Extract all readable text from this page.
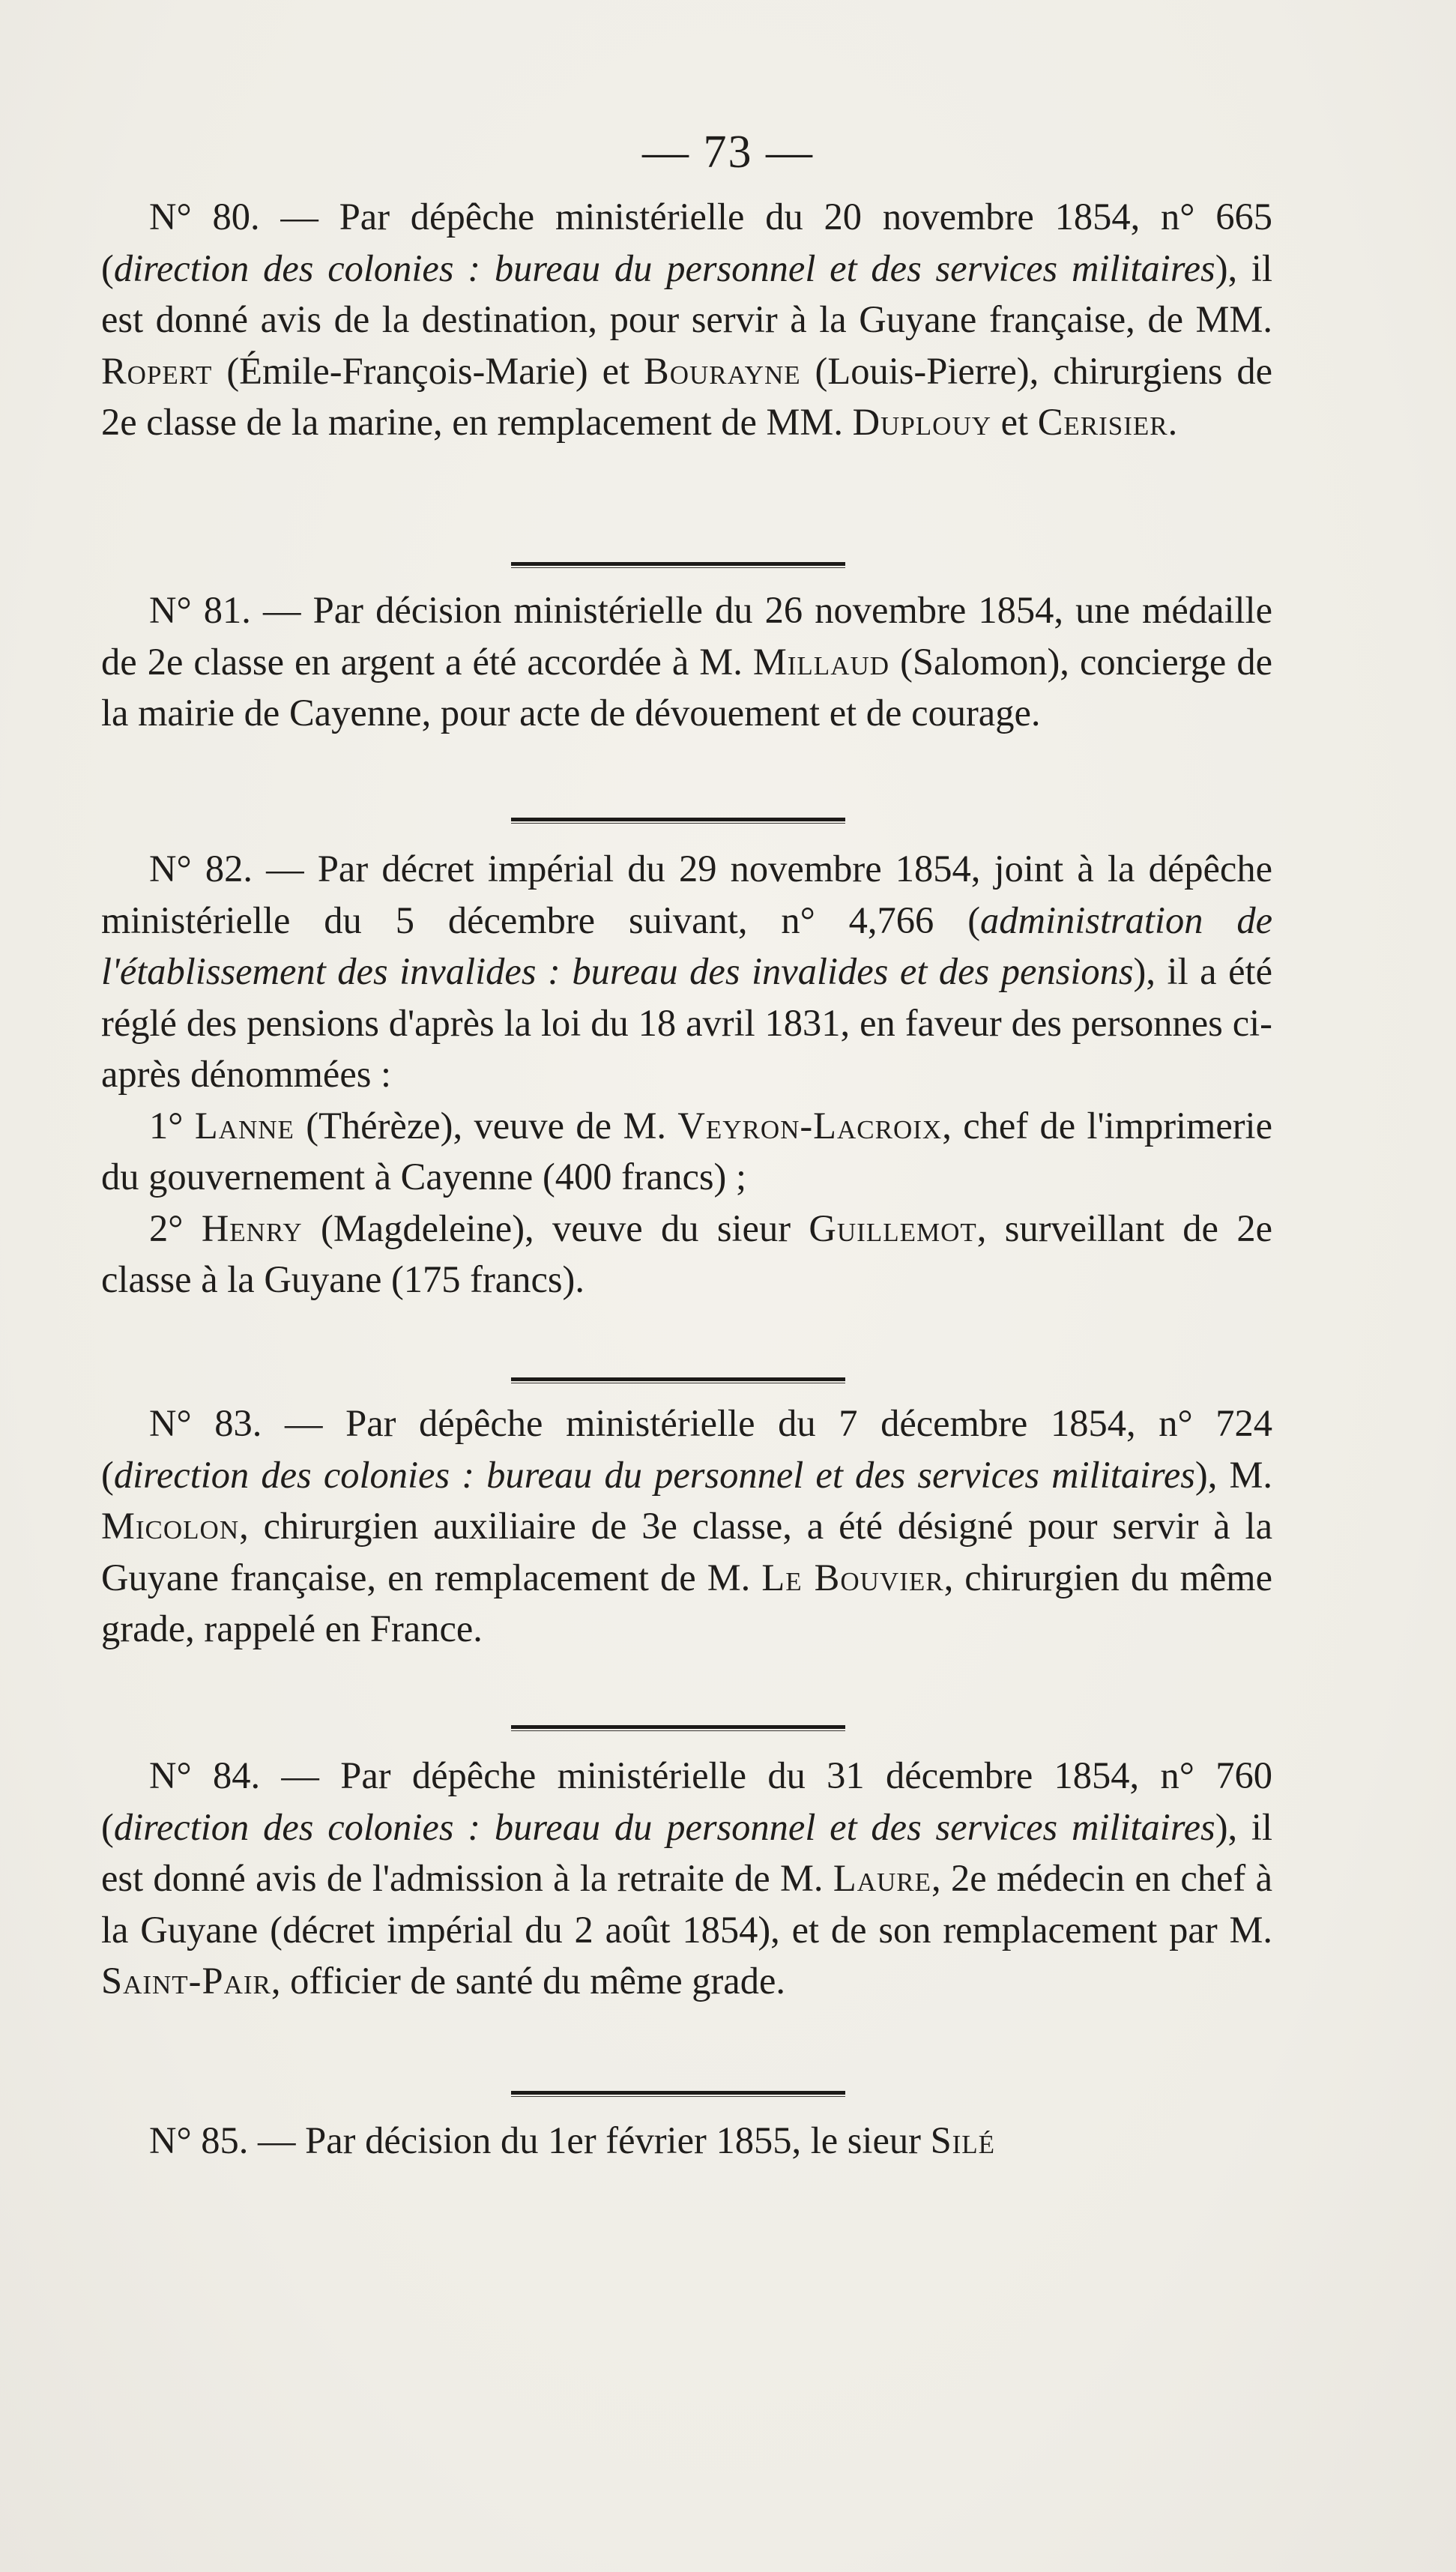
— 73 —

N° 80. — Par dépêche ministérielle du 20 novembre 1854, n° 665 (direction des colonies : bureau du personnel et des services militaires), il est donné avis de la destination, pour servir à la Guyane française, de MM. Ropert (Émile-François-Marie) et Bourayne (Louis-Pierre), chirurgiens de 2e classe de la marine, en remplacement de MM. Duplouy et Cerisier.

N° 81. — Par décision ministérielle du 26 novembre 1854, une médaille de 2e classe en argent a été accordée à M. Millaud (Salomon), concierge de la mairie de Cayenne, pour acte de dévouement et de courage.

N° 82. — Par décret impérial du 29 novembre 1854, joint à la dépêche ministérielle du 5 décembre suivant, n° 4,766 (administration de l'établissement des invalides : bureau des invalides et des pensions), il a été réglé des pensions d'après la loi du 18 avril 1831, en faveur des personnes ci-après dénommées :

1° Lanne (Thérèze), veuve de M. Veyron-Lacroix, chef de l'imprimerie du gouvernement à Cayenne (400 francs) ;

2° Henry (Magdeleine), veuve du sieur Guillemot, surveillant de 2e classe à la Guyane (175 francs).

N° 83. — Par dépêche ministérielle du 7 décembre 1854, n° 724 (direction des colonies : bureau du personnel et des services militaires), M. Micolon, chirurgien auxiliaire de 3e classe, a été désigné pour servir à la Guyane française, en remplacement de M. Le Bouvier, chirurgien du même grade, rappelé en France.

N° 84. — Par dépêche ministérielle du 31 décembre 1854, n° 760 (direction des colonies : bureau du personnel et des services militaires), il est donné avis de l'admission à la retraite de M. Laure, 2e médecin en chef à la Guyane (décret impérial du 2 août 1854), et de son remplacement par M. Saint-Pair, officier de santé du même grade.

N° 85. — Par décision du 1er février 1855, le sieur Silé
